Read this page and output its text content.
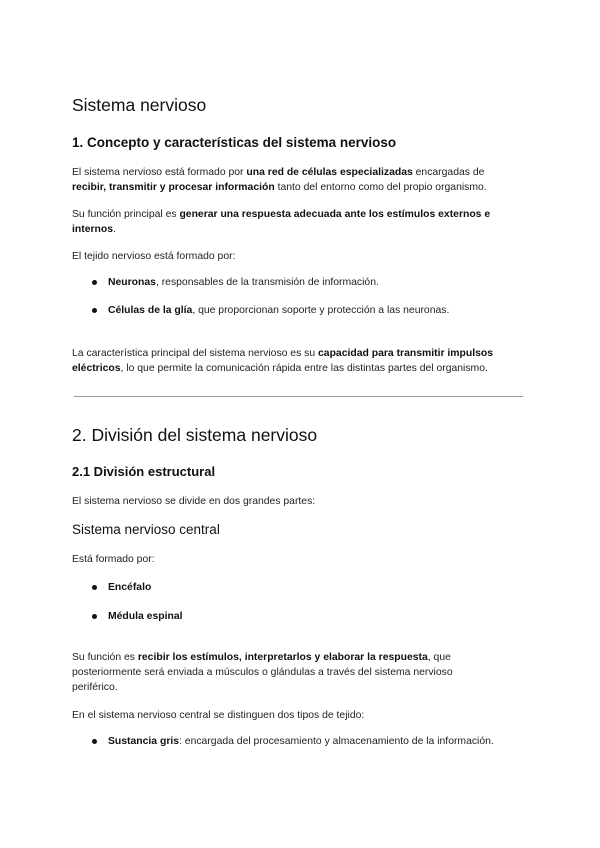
Sistema nervioso
1. Concepto y características del sistema nervioso
El sistema nervioso está formado por una red de células especializadas encargadas de
recibir, transmitir y procesar información tanto del entorno como del propio organismo.
Su función principal es generar una respuesta adecuada ante los estímulos externos e
internos.
El tejido nervioso está formado por:
Neuronas, responsables de la transmisión de información.
Células de la glía, que proporcionan soporte y protección a las neuronas.
La característica principal del sistema nervioso es su capacidad para transmitir impulsos
eléctricos, lo que permite la comunicación rápida entre las distintas partes del organismo.
2. División del sistema nervioso
2.1 División estructural
El sistema nervioso se divide en dos grandes partes:
Sistema nervioso central
Está formado por:
Encéfalo
Médula espinal
Su función es recibir los estímulos, interpretarlos y elaborar la respuesta, que
posteriormente será enviada a músculos o glándulas a través del sistema nervioso
periférico.
En el sistema nervioso central se distinguen dos tipos de tejido:
Sustancia gris: encargada del procesamiento y almacenamiento de la información.
